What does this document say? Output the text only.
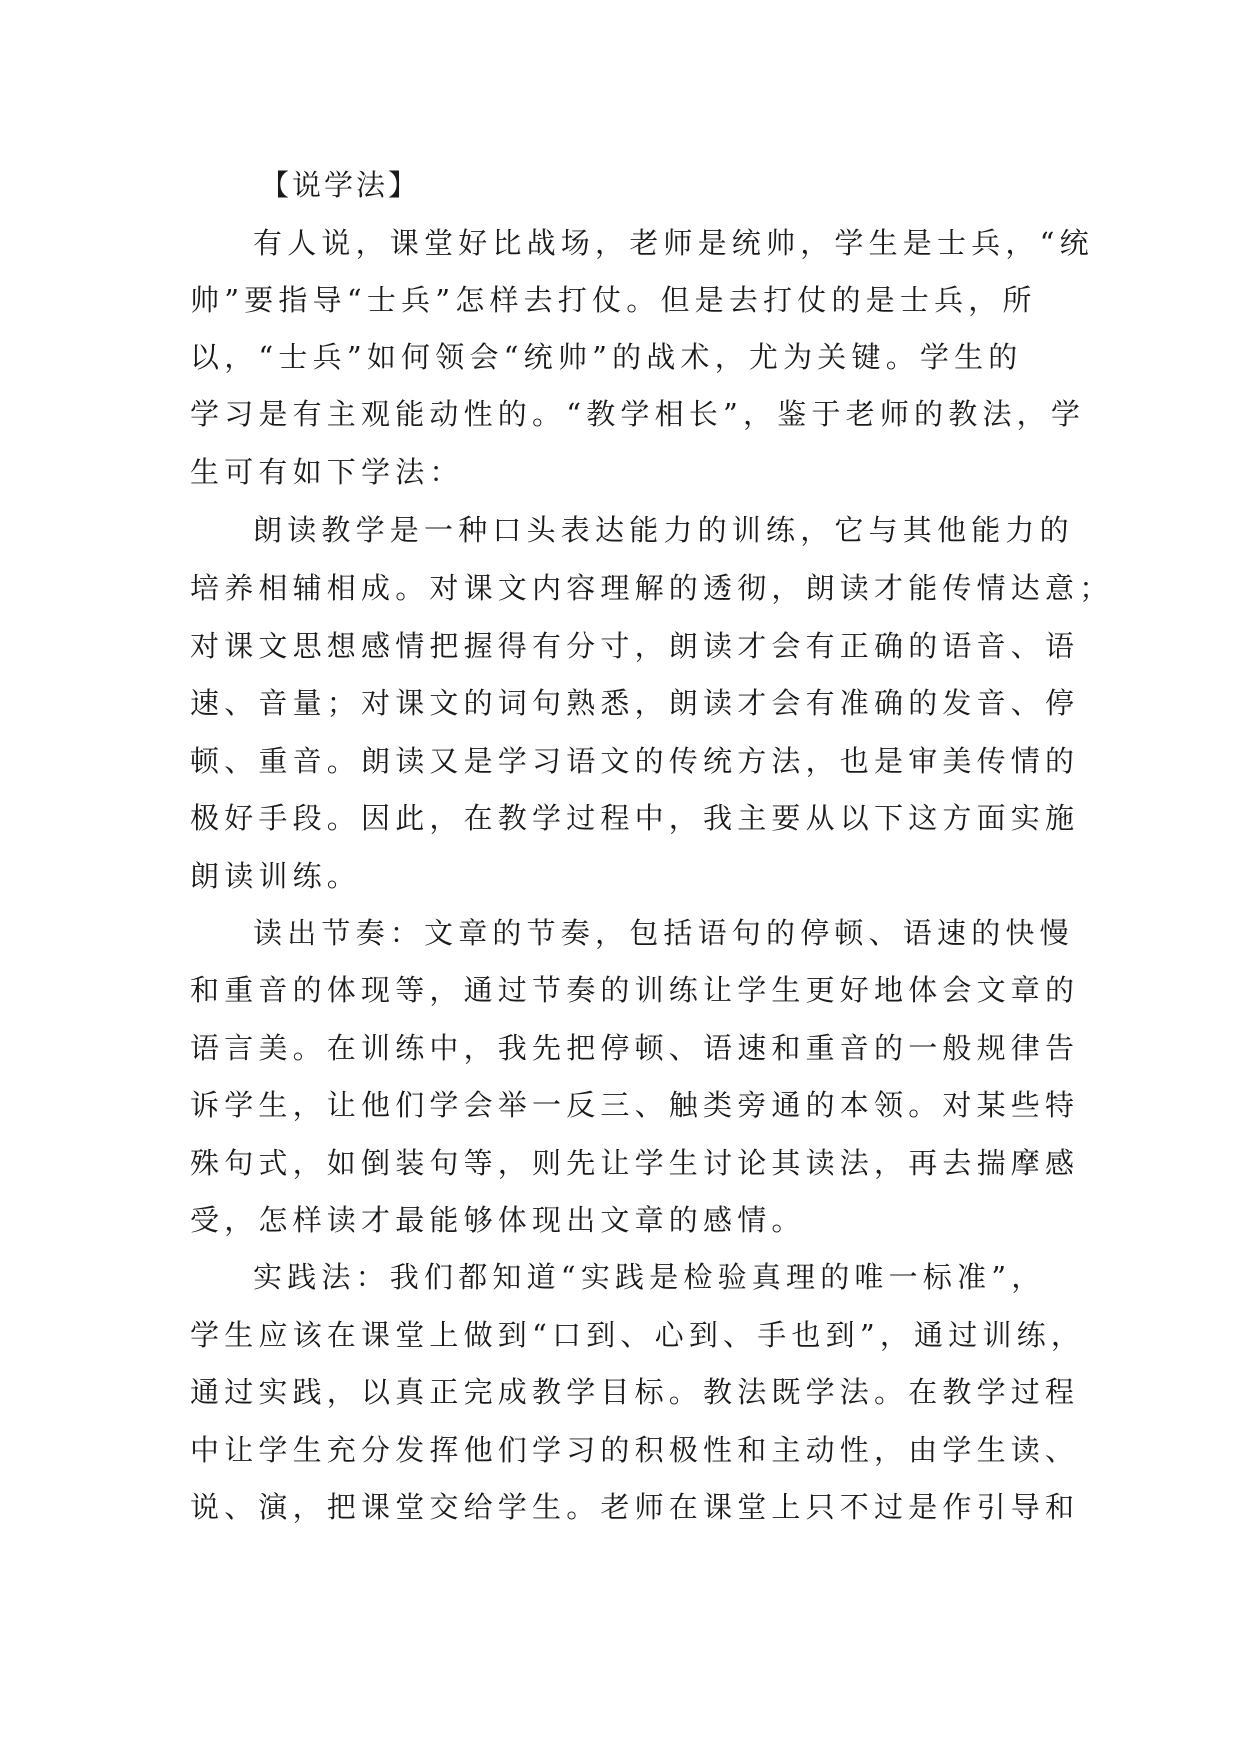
【说学法】
有人说，课堂好比战场，老师是统帅，学生是士兵，“统
帅”要指导“士兵”怎样去打仗。但是去打仗的是士兵，所
以，“士兵”如何领会“统帅”的战术，尤为关键。学生的
学习是有主观能动性的。“教学相长”，鉴于老师的教法，学
生可有如下学法：
朗读教学是一种口头表达能力的训练，它与其他能力的
培养相辅相成。对课文内容理解的透彻，朗读才能传情达意；
对课文思想感情把握得有分寸，朗读才会有正确的语音、语
速、音量；对课文的词句熟悉，朗读才会有准确的发音、停
顿、重音。朗读又是学习语文的传统方法，也是审美传情的
极好手段。因此，在教学过程中，我主要从以下这方面实施
朗读训练。
读出节奏：文章的节奏，包括语句的停顿、语速的快慢
和重音的体现等，通过节奏的训练让学生更好地体会文章的
语言美。在训练中，我先把停顿、语速和重音的一般规律告
诉学生，让他们学会举一反三、触类旁通的本领。对某些特
殊句式，如倒装句等，则先让学生讨论其读法，再去揣摩感
受，怎样读才最能够体现出文章的感情。
实践法：我们都知道“实践是检验真理的唯一标准”，
学生应该在课堂上做到“口到、心到、手也到”，通过训练，
通过实践，以真正完成教学目标。教法既学法。在教学过程
中让学生充分发挥他们学习的积极性和主动性，由学生读、
说、演，把课堂交给学生。老师在课堂上只不过是作引导和
